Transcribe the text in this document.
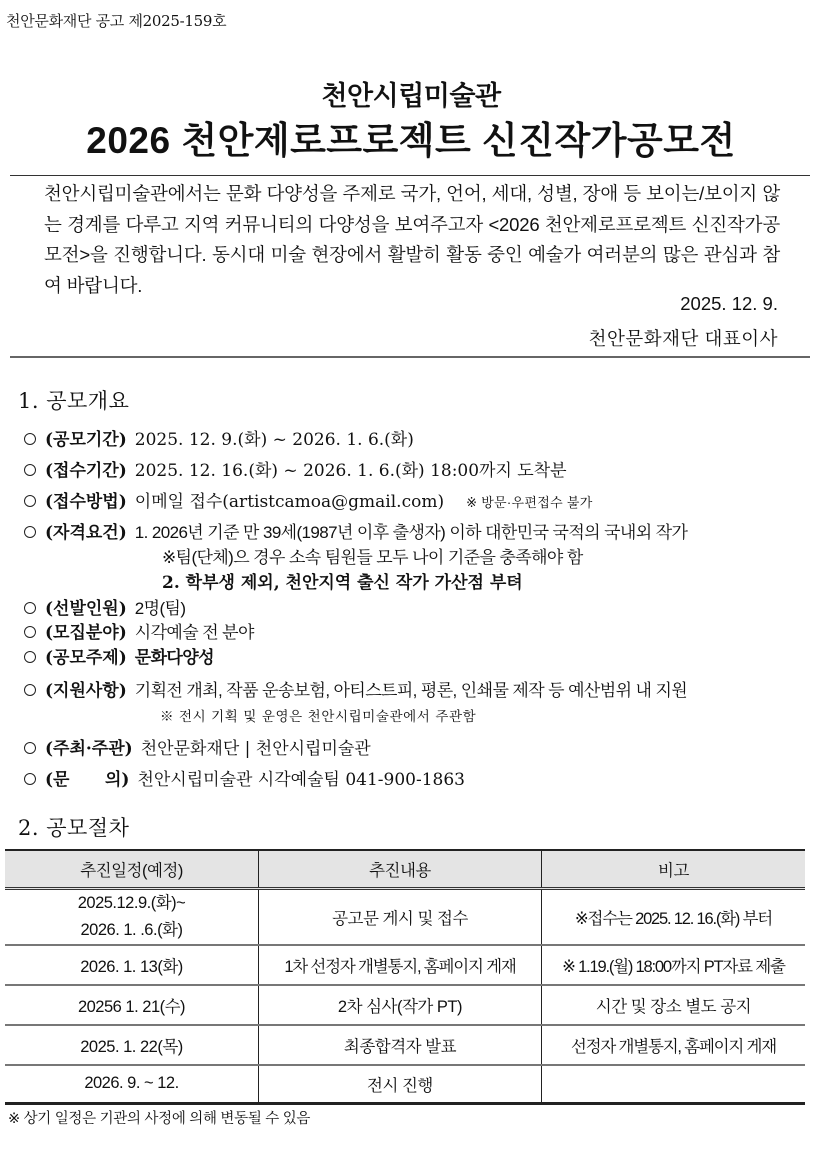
천안문화재단 공고 제2025-159호
천안시립미술관
2026 천안제로프로젝트 신진작가공모전
천안시립미술관에서는 문화 다양성을 주제로 국가, 언어, 세대, 성별, 장애 등 보이는/보이지 않는 경계를 다루고 지역 커뮤니티의 다양성을 보여주고자 <2026 천안제로프로젝트 신진작가공모전>을 진행합니다. 동시대 미술 현장에서 활발히 활동 중인 예술가 여러분의 많은 관심과 참여 바랍니다.
2025. 12. 9.
천안문화재단 대표이사
1. 공모개요
(공모기간) 2025. 12. 9.(화) ~ 2026. 1. 6.(화)
(접수기간) 2025. 12. 16.(화) ~ 2026. 1. 6.(화) 18:00까지 도착분
(접수방법) 이메일 접수(artistcamoa@gmail.com) ※ 방문·우편접수 불가
(자격요건) 1. 2026년 기준 만 39세(1987년 이후 출생자) 이하 대한민국 국적의 국내외 작가
※팀(단체)으 경우 소속 팀원들 모두 나이 기준을 충족해야 함
2. 학부생 제외, 천안지역 출신 작가 가산점 부텨
(선발인원) 2명(팀)
(모집분야) 시각예술 전 분야
(공모주제) 문화다양성
(지원사항) 기획전 개최, 작품 운송보험, 아티스트피, 평론, 인쇄물 제작 등 예산범위 내 지원
※ 전시 기획 및 운영은 천안시립미술관에서 주관함
(주최·주관) 천안문화재단 | 천안시립미술관
(문      의) 천안시립미술관 시각예술팀 041-900-1863
2. 공모절차
추진일정(예정)	추진내용	비고

2025.12.9.(화)~
2026. 1. .6.(화)	공고문 게시 및 접수	※접수는 2025. 12. 16.(화) 부터
2026. 1. 13(화)	1차 선정자 개별통지, 홈페이지 게재	※ 1.19.(월) 18:00까지 PT자료 제출
20256 1. 21(수)	2차 심사(작가 PT)	시간 및 장소 별도 공지
2025. 1. 22(목)	최종합격자 발표	선정자 개별통지, 홈페이지 게재
2026. 9. ~ 12.	전시 진행	
※ 상기 일정은 기관의 사정에 의해 변동될 수 있음
